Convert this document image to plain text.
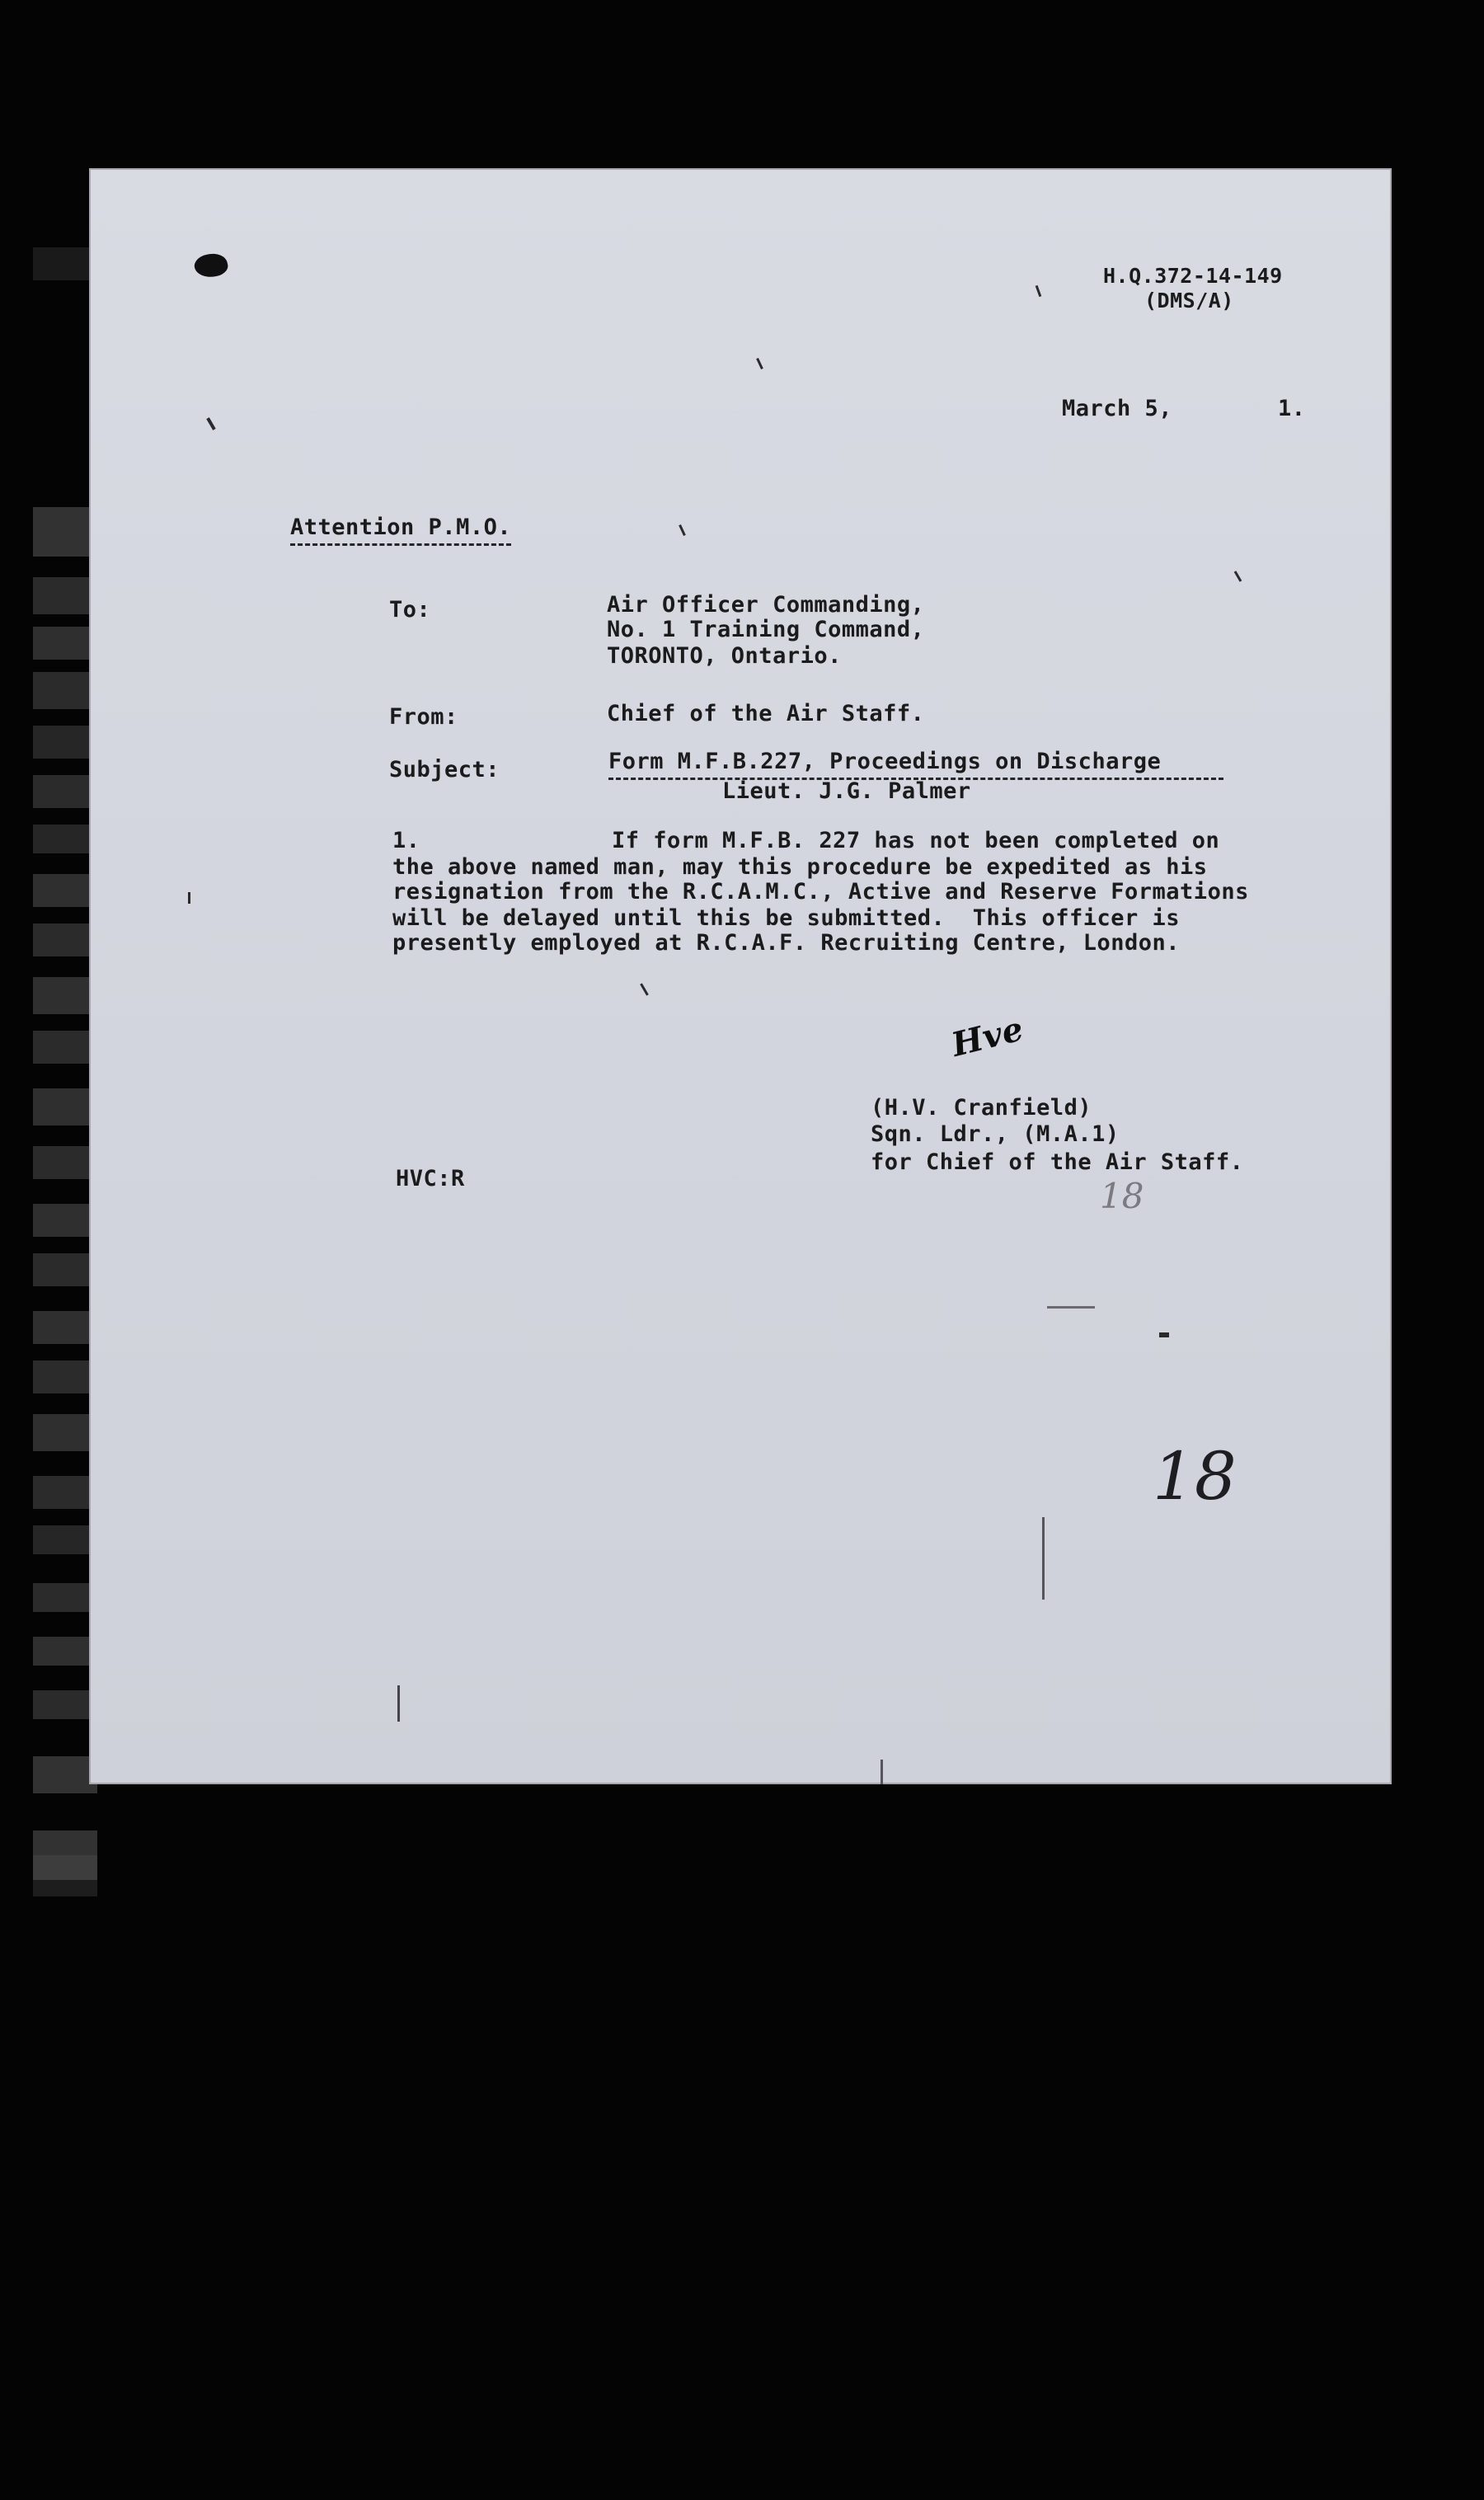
H.Q.372-14-149
(DMS/A)
March 5,	1.
Attention P.M.O.
To:	Air Officer Commanding,
No. 1 Training Command,
TORONTO, Ontario.
From:	Chief of the Air Staff.
Subject:	Form M.F.B.227, Proceedings on Discharge
Lieut. J.G. Palmer
1.	If form M.F.B. 227 has not been completed on
the above named man, may this procedure be expedited as his
resignation from the R.C.A.M.C., Active and Reserve Formations
will be delayed until this be submitted.  This officer is
presently employed at R.C.A.F. Recruiting Centre, London.
Hve
(H.V. Cranfield)
Sqn. Ldr., (M.A.1)
for Chief of the Air Staff.
HVC:R	18
18
